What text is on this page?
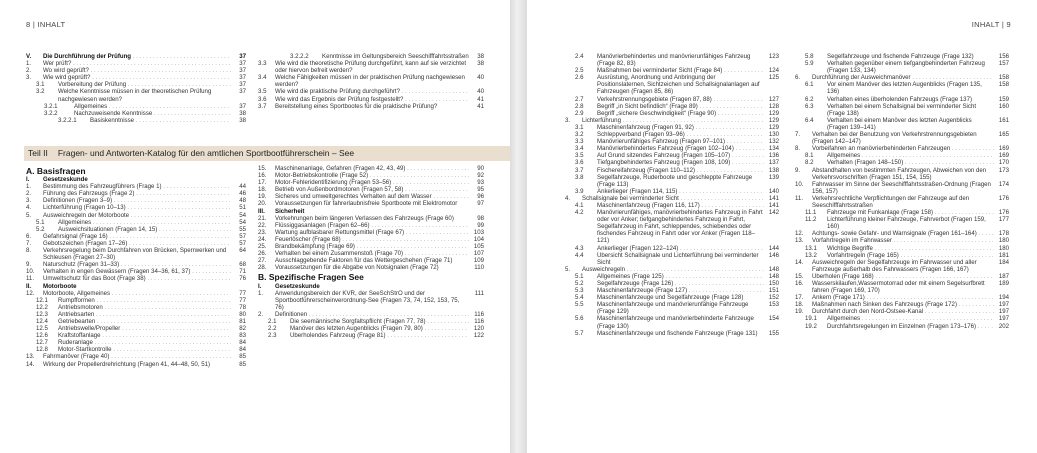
8 | INHALT
V.	Die Durchführung der Prüfung . . .	37
1.	Wer prüft? . . .	37
2.	Wo wird geprüft? . . .	37
3.	Wie wird geprüft? . . .	37
3.1	Vorbereitung der Prüfung . . .	37
3.2	Welche Kenntnisse müssen in der theoretischen Prüfung nachgewiesen werden?
37
3.2.1	Allgemeines . . .	37
3.2.2	Nachzuweisende Kenntnisse . . .	38
3.2.2.1	Basiskenntnisse . . .	38
3.2.2.2	Kenntnisse im Geltungsbereich Seeschifffahrtsstraßen	38
3.3	Wie wird die theoretische Prüfung durchgeführt, kann auf sie verzichtet oder hiervon befreit werden?
38
3.4	Welche Fähigkeiten müssen in der praktischen Prüfung nachgewiesen werden?
40
3.5	Wie wird die praktische Prüfung durchgeführt? . . .	40
3.6	Wie wird das Ergebnis der Prüfung festgestellt? . . .	41
3.7	Bereitstellung eines Sportbootes für die praktische Prüfung?	41
Teil II Fragen- und Antworten-Katalog für den amtlichen Sportbootführerschein – See
A. Basisfragen
I.	Gesetzeskunde
1.	Bestimmung des Fahrzeugführers (Frage 1) . . .	44
2.	Führung des Fahrzeugs (Frage 2) . . .	46
3.	Definitionen (Fragen 3–9) . . .	48
4.	Lichterführung (Fragen 10–13) . . .	51
5.	Ausweichregeln der Motorboote . . .	54
5.1	Allgemeines . . .	54
5.2	Ausweichsituationen (Fragen 14, 15) . . .	55
6.	Gefahrsignal (Frage 16) . . .	57
7.	Gebotszeichen (Fragen 17–26) . . .	57
8.	Verkehrsregelung beim Durchfahren von Brücken, Sperrwerken und Schleusen (Fragen 27–30)
64
9.	Naturschutz (Fragen 31–33) . . .	68
10.	Verhalten in engen Gewässern (Fragen 34–36, 61, 37) . . .	71
11.	Umweltschutz für das Boot (Frage 38) . . .	76
II.	Motorboote
12.	Motorboote, Allgemeines . . .	77
12.1	Rumpfformen . . .	77
12.2	Antriebsmotoren . . .	78
12.3	Antriebsarten . . .	80
12.4	Getriebearten . . .	81
12.5	Antriebswelle/Propeller . . .	82
12.6	Kraftstoffanlage . . .	83
12.7	Ruderanlage . . .	84
12.8	Motor-Startkontrolle . . .	84
13.	Fahrmanöver (Frage 40) . . .	85
14.	Wirkung der Propellerdrehrichtung (Fragen 41, 44–48, 50, 51)	85
15.	Maschinenanlage, Gefahren (Fragen 42, 43, 49) . . .	90
16.	Motor-Betriebskontrolle (Frage 52) . . .	92
17.	Motor-Fehleridentifizierung (Fragen 53–56) . . .	93
18.	Betrieb von Außenbordmotoren (Fragen 57, 58) . . .	95
19.	Sicheres und umweltgerechtes Verhalten auf dem Wasser . . .	96
20.	Voraussetzungen für fahrerlaubnisfreie Sportboote mit Elektromotor	97
III.	Sicherheit
21.	Vorkehrungen beim längeren Verlassen des Fahrzeugs (Frage 60)	98
22.	Flüssiggasanlagen (Fragen 62–66) . . .	99
23.	Wartung aufblasbarer Rettungsmittel (Frage 67) . . .	103
24.	Feuerlöscher (Frage 68) . . .	104
25.	Brandbekämpfung (Frage 69) . . .	105
26.	Verhalten bei einem Zusammenstoß (Frage 70) . . .	107
27.	Ausschlaggebende Faktoren für das Wettergeschehen (Frage 71)	109
28.	Voraussetzungen für die Abgabe von Notsignalen (Frage 72)	110
B. Spezifische Fragen See
I.	Gesetzeskunde
1.	Anwendungsbereich der KVR, der SeeSchStrO und der Sportbootführerscheinverordnung-See (Fragen 73, 74, 152, 153, 75, 76)
111
2.	Definitionen . . .	116
2.1	Die seemännische Sorgfaltspflicht (Fragen 77, 78) . . .	116
2.2	Manöver des letzten Augenblicks (Fragen 79, 80) . . .	120
2.3	Überholendes Fahrzeug (Frage 81) . . .	122
INHALT | 9
2.4	Manövrierbehindertes und manövrierunfähiges Fahrzeug (Frage 82, 83)
123
2.5	Maßnahmen bei verminderter Sicht (Frage 84) . . .	124
2.6	Ausrüstung, Anordnung und Anbringung der Positionslaternen, Sichtzeichen und Schallsignalanlagen auf Fahrzeugen (Fragen 85, 86)
125
2.7	Verkehrstrennungsgebiete (Fragen 87, 88) . . .	127
2.8	Begriff „in Sicht befindlich“ (Frage 89) . . .	128
2.9	Begriff „sichere Geschwindigkeit“ (Frage 90) . . .	129
3.	Lichterführung . . .	129
3.1	Maschinenfahrzeug (Fragen 91, 92) . . .	129
3.2	Schleppverband (Fragen 93–96) . . .	130
3.3	Manövrierunfähiges Fahrzeug (Fragen 97–101) . . .	132
3.4	Manövrierbehindertes Fahrzeug (Fragen 102–104) . . .	134
3.5	Auf Grund sitzendes Fahrzeug (Fragen 105–107) . . .	136
3.6	Tiefgangbehindertes Fahrzeug (Fragen 108, 109) . . .	137
3.7	Fischereifahrzeug (Fragen 110–112) . . .	138
3.8	Segelfahrzeuge, Ruderboote und geschleppte Fahrzeuge (Frage 113)
139
3.9	Ankerlieger (Fragen 114, 115) . . .	140
4.	Schallsignale bei verminderter Sicht . . .	141
4.1	Maschinenfahrzeug (Fragen 116, 117) . . .	141
4.2	Manövrierunfähiges, manövrierbehindertes Fahrzeug in Fahrt oder vor Anker; tiefgangbehindertes Fahrzeug in Fahrt, Segelfahrzeug in Fahrt, schleppendes, schiebendes oder fischendes Fahrzeug in Fahrt oder vor Anker (Fragen 118–121)
142
4.3	Ankerlieger (Fragen 122–124) . . .	144
4.4	Übersicht Schallsignale und Lichterführung bei verminderter Sicht
146
5.	Ausweichregeln . . .	148
5.1	Allgemeines (Frage 125) . . .	148
5.2	Segelfahrzeuge (Frage 126) . . .	150
5.3	Maschinenfahrzeuge (Frage 127) . . .	151
5.4	Maschinenfahrzeuge und Segelfahrzeuge (Frage 128)	152
5.5	Maschinenfahrzeuge und manövrierunfähige Fahrzeuge (Frage 129)
153
5.6	Maschinenfahrzeuge und manövrierbehinderte Fahrzeuge (Frage 130)
154
5.7	Maschinenfahrzeuge und fischende Fahrzeuge (Frage 131)	155
5.8	Segelfahrzeuge und fischende Fahrzeuge (Frage 132)	156
5.9	Verhalten gegenüber einem tiefgangbehinderten Fahrzeug (Fragen 133, 134)
157
6.	Durchführung der Ausweichmanöver . . .	158
6.1	Vor einem Manöver des letzten Augenblicks (Fragen 135, 136)
158
6.2	Verhalten eines überholenden Fahrzeugs (Frage 137)	159
6.3	Verhalten bei einem Schallsignal bei verminderter Sicht (Frage 138)
160
6.4	Verhalten bei einem Manöver des letzten Augenblicks (Fragen 139–141)
161
7.	Verhalten bei der Benutzung von Verkehrstrennungsgebieten (Fragen 142–147)
165
8.	Vorbeifahren an manövrierbehinderten Fahrzeugen . . .	169
8.1	Allgemeines . . .	169
8.2	Verhalten (Fragen 148–150) . . .	170
9.	Abstandhalten von bestimmten Fahrzeugen, Abweichen von den Verkehrsvorschriften (Fragen 151, 154, 155)
173
10.	Fahrwasser im Sinne der Seeschifffahrtsstraßen-Ordnung (Fragen 156, 157)
174
11.	Verkehrsrechtliche Verpflichtungen der Fahrzeuge auf den Seeschifffahrtsstraßen
176
11.1	Fahrzeuge mit Funkanlage (Frage 158) . . .	176
11.2	Lichterführung kleiner Fahrzeuge, Fahrverbot (Fragen 159, 160)
177
12.	Achtungs- sowie Gefahr- und Warnsignale (Fragen 161–164) . . .	178
13.	Vorfahrtregeln im Fahrwasser . . .	180
13.1	Wichtige Begriffe . . .	180
13.2	Vorfahrtregeln (Frage 165) . . .	181
14.	Ausweichregeln der Segelfahrzeuge im Fahrwasser und aller Fahrzeuge außerhalb des Fahrwassers (Fragen 166, 167)
184
15.	Überholen (Frage 168) . . .	187
16.	Wasserskilaufen,Wassermotorrad oder mit einem Segelsurfbrett fahren (Fragen 169, 170)
189
17.	Ankern (Frage 171) . . .	194
18.	Maßnahmen nach Sinken des Fahrzeugs (Frage 172) . . .	197
19.	Durchfahrt durch den Nord-Ostsee-Kanal . . .	197
19.1	Allgemeines . . .	197
19.2	Durchfahrtsregelungen im Einzelnen (Fragen 173–176) . . .	202
